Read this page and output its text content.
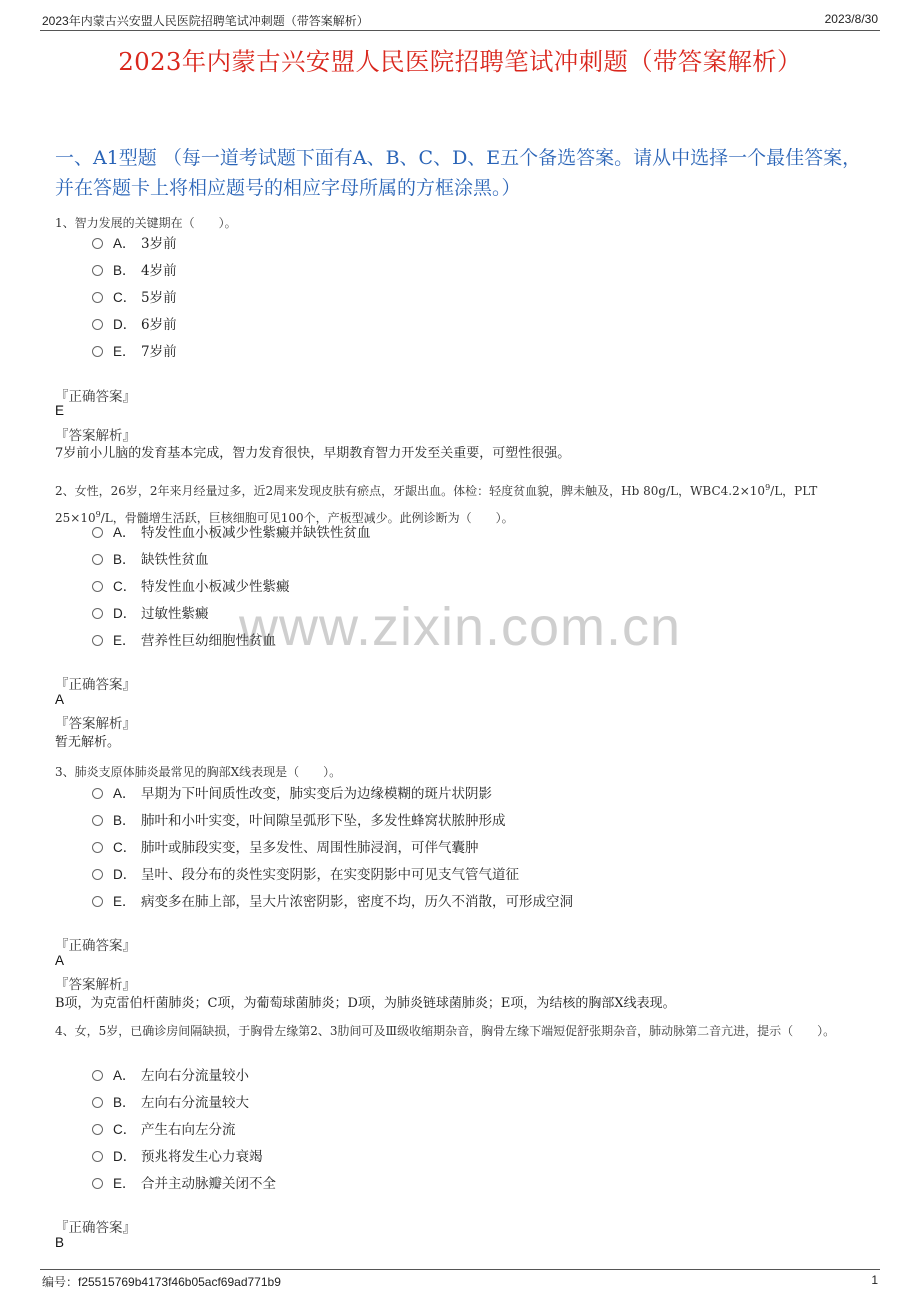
2023年内蒙古兴安盟人民医院招聘笔试冲刺题（带答案解析）	2023/8/30
2023年内蒙古兴安盟人民医院招聘笔试冲刺题（带答案解析）
一、A1型题 （每一道考试题下面有A、B、C、D、E五个备选答案。请从中选择一个最佳答案，并在答题卡上将相应题号的相应字母所属的方框涂黑。）
www.zixin.com.cn
1、智力发展的关键期在（　　）。
A． 3岁前
B． 4岁前
C． 5岁前
D． 6岁前
E． 7岁前
『正确答案』
E
『答案解析』
7岁前小儿脑的发育基本完成，智力发育很快，早期教育智力开发至关重要，可塑性很强。
2、女性，26岁，2年来月经量过多，近2周来发现皮肤有瘀点，牙龈出血。体检：轻度贫血貌，脾未触及，Hb 80g/L，$WBC4.2\times 10^9/L$，PLT
$25\times 10^9/L$，骨髓增生活跃，巨核细胞可见100个，产板型减少。此例诊断为（　　）。
A． 特发性血小板减少性紫癜并缺铁性贫血
B． 缺铁性贫血
C． 特发性血小板减少性紫癜
D． 过敏性紫癜
E． 营养性巨幼细胞性贫血
『正确答案』
A
『答案解析』
暂无解析。
3、肺炎支原体肺炎最常见的胸部X线表现是（　　）。
A． 早期为下叶间质性改变，肺实变后为边缘模糊的斑片状阴影
B． 肺叶和小叶实变，叶间隙呈弧形下坠，多发性蜂窝状脓肿形成
C． 肺叶或肺段实变，呈多发性、周围性肺浸润，可伴气囊肿
D． 呈叶、段分布的炎性实变阴影，在实变阴影中可见支气管气道征
E． 病变多在肺上部，呈大片浓密阴影，密度不均，历久不消散，可形成空洞
『正确答案』
A
『答案解析』
B项，为克雷伯杆菌肺炎；C项，为葡萄球菌肺炎；D项，为肺炎链球菌肺炎；E项，为结核的胸部X线表现。
4、女，5岁，已确诊房间隔缺损，于胸骨左缘第2、3肋间可及Ⅲ级收缩期杂音，胸骨左缘下端短促舒张期杂音，肺动脉第二音亢进，提示（　　）。
A． 左向右分流量较小
B． 左向右分流量较大
C． 产生右向左分流
D． 预兆将发生心力衰竭
E． 合并主动脉瓣关闭不全
『正确答案』
B
编号：f25515769b4173f46b05acf69ad771b9	1
